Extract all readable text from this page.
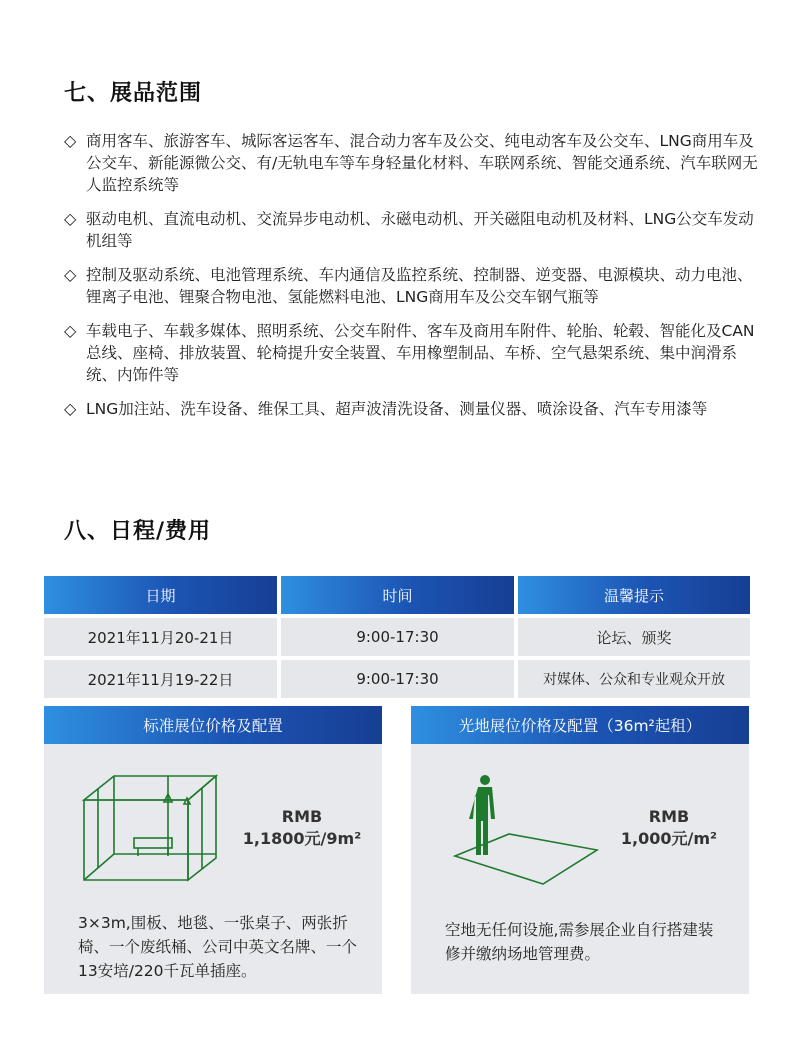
七、展品范围
◇ 商用客车、旅游客车、城际客运客车、混合动力客车及公交、纯电动客车及公交车、LNG商用车及公交车、新能源微公交、有/无轨电车等车身轻量化材料、车联网系统、智能交通系统、汽车联网无人监控系统等
◇ 驱动电机、直流电动机、交流异步电动机、永磁电动机、开关磁阻电动机及材料、LNG公交车发动机组等
◇ 控制及驱动系统、电池管理系统、车内通信及监控系统、控制器、逆变器、电源模块、动力电池、锂离子电池、锂聚合物电池、氢能燃料电池、LNG商用车及公交车钢气瓶等
◇ 车载电子、车载多媒体、照明系统、公交车附件、客车及商用车附件、轮胎、轮毂、智能化及CAN总线、座椅、排放装置、轮椅提升安全装置、车用橡塑制品、车桥、空气悬架系统、集中润滑系统、内饰件等
◇ LNG加注站、洗车设备、维保工具、超声波清洗设备、测量仪器、喷涂设备、汽车专用漆等
八、日程/费用
日期	时间	温馨提示
2021年11月20-21日	9:00-17:30	论坛、颁奖
2021年11月19-22日	9:00-17:30	对媒体、公众和专业观众开放
标准展位价格及配置
RMB
1,1800元/9m²
3×3m,围板、地毯、一张桌子、两张折椅、一个废纸桶、公司中英文名牌、一个13安培/220千瓦单插座。
光地展位价格及配置（36m²起租）
RMB
1,000元/m²
空地无任何设施,需参展企业自行搭建装修并缴纳场地管理费。
